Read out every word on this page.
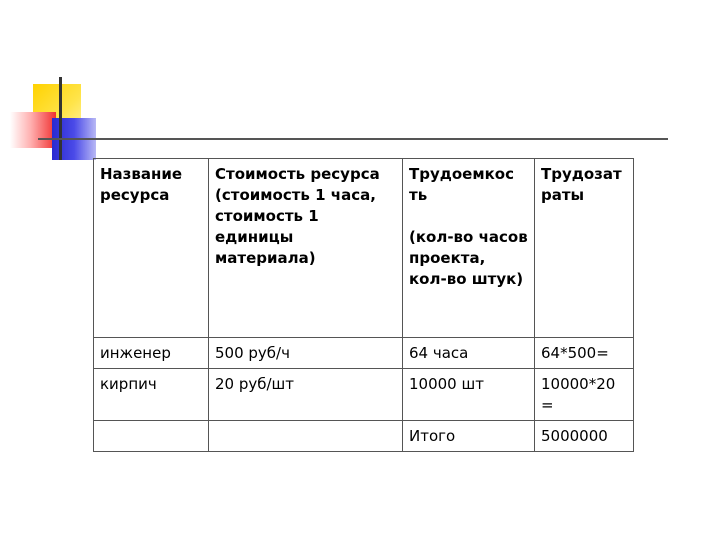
Название ресурса	Стоимость ресурса (стоимость 1 часа, стоимость 1 единицы материала)	Трудоемкос
ть

(кол-во часов проекта, кол-во штук)	Трудозат
раты
инженер	500 руб/ч	64 часа	64*500=
кирпич	20 руб/шт	10000 шт	10000*20
=
		Итого	5000000
